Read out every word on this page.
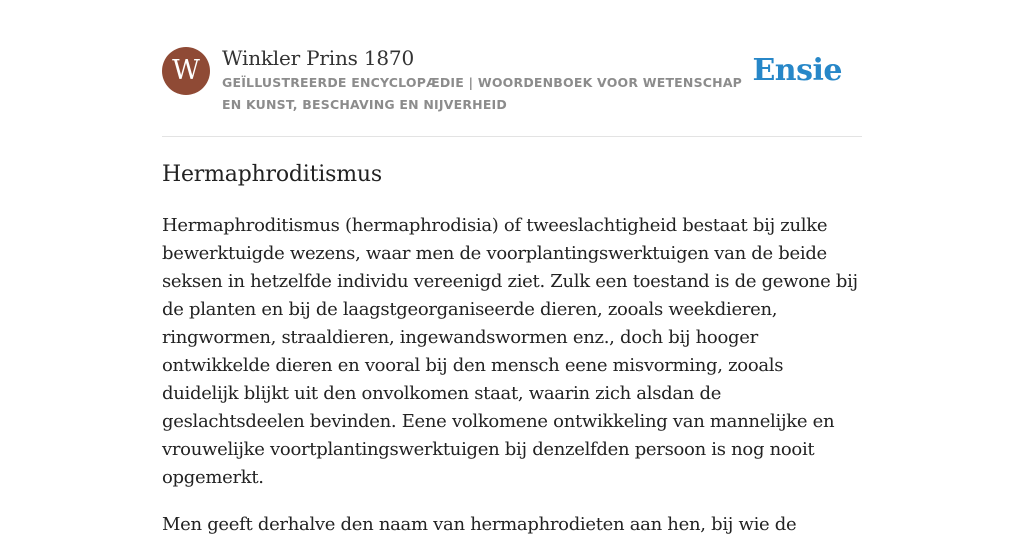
W	Winkler Prins 1870
GEÏLLUSTREERDE ENCYCLOPÆDIE | WOORDENBOEK VOOR WETENSCHAP EN KUNST, BESCHAVING EN NIJVERHEID
Ensie
Hermaphroditismus

Hermaphroditismus (hermaphrodisia) of tweeslachtigheid bestaat bij zulke bewerktuigde wezens, waar men de voorplantingswerktuigen van de beide seksen in hetzelfde individu vereenigd ziet. Zulk een toestand is de gewone bij de planten en bij de laagstgeorganiseerde dieren, zooals weekdieren, ringwormen, straaldieren, ingewandswormen enz., doch bij hooger ontwikkelde dieren en vooral bij den mensch eene misvorming, zooals duidelijk blijkt uit den onvolkomen staat, waarin zich alsdan de geslachtsdeelen bevinden. Eene volkomene ontwikkeling van mannelijke en vrouwelijke voortplantingswerktuigen bij denzelfden persoon is nog nooit opgemerkt.

Men geeft derhalve den naam van hermaphrodieten aan hen, bij wie de
